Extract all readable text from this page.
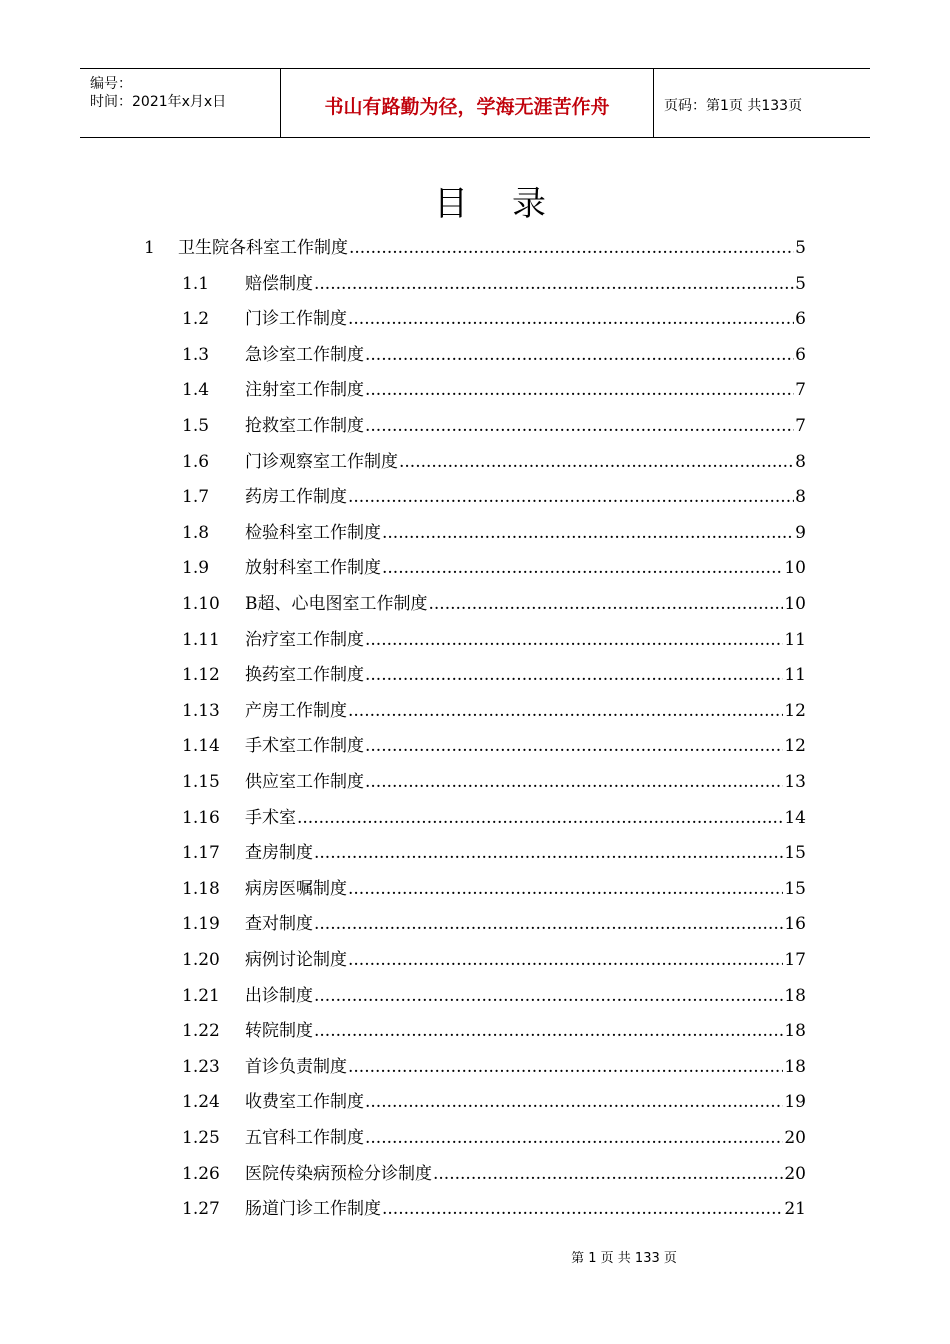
编号：
时间：2021年x月x日	书山有路勤为径，学海无涯苦作舟	页码：第1页 共133页
目录
1	卫生院各科室工作制度 .....	5
1.1	赔偿制度 .....	5
1.2	门诊工作制度 .....	6
1.3	急诊室工作制度 .....	6
1.4	注射室工作制度 .....	7
1.5	抢救室工作制度 .....	7
1.6	门诊观察室工作制度 .....	8
1.7	药房工作制度 .....	8
1.8	检验科室工作制度 .....	9
1.9	放射科室工作制度 .....	10
1.10	B超、心电图室工作制度 .....	10
1.11	治疗室工作制度 .....	11
1.12	换药室工作制度 .....	11
1.13	产房工作制度 .....	12
1.14	手术室工作制度 .....	12
1.15	供应室工作制度 .....	13
1.16	手术室 .....	14
1.17	查房制度 .....	15
1.18	病房医嘱制度 .....	15
1.19	查对制度 .....	16
1.20	病例讨论制度 .....	17
1.21	出诊制度 .....	18
1.22	转院制度 .....	18
1.23	首诊负责制度 .....	18
1.24	收费室工作制度 .....	19
1.25	五官科工作制度 .....	20
1.26	医院传染病预检分诊制度 .....	20
1.27	肠道门诊工作制度 .....	21
第 1 页 共 133 页
